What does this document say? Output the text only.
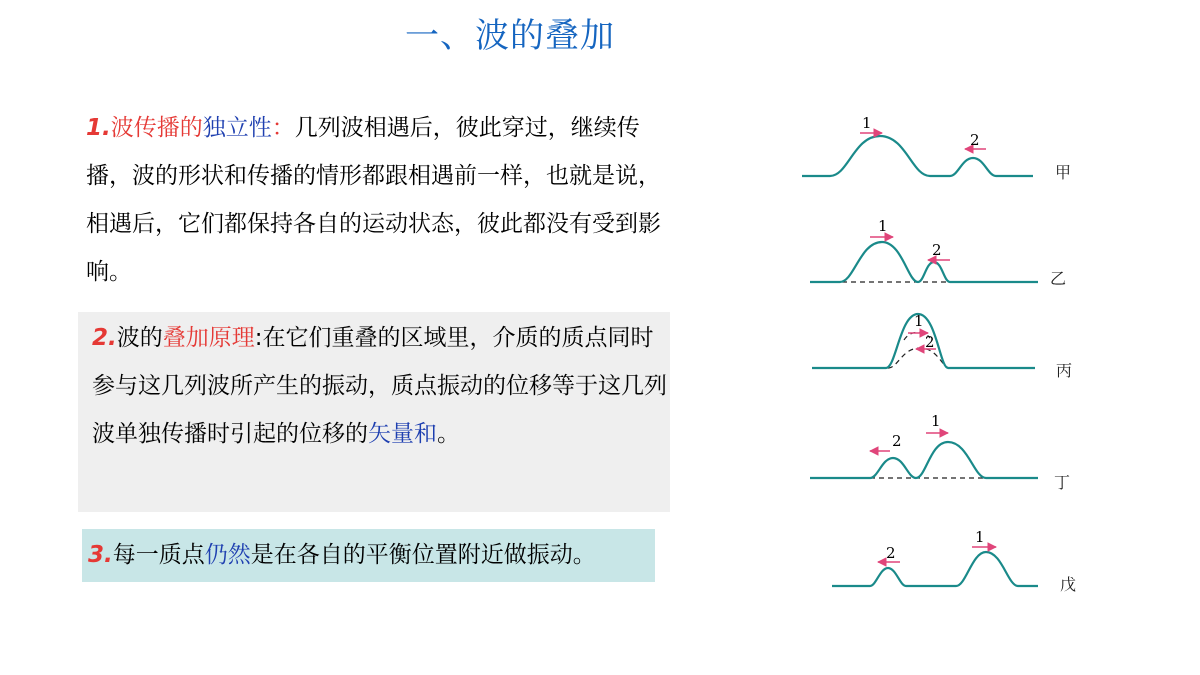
一、波的叠加
1.波传播的独立性：几列波相遇后，彼此穿过，继续传播，波的形状和传播的情形都跟相遇前一样，也就是说，相遇后，它们都保持各自的运动状态，彼此都没有受到影响。
2.波的叠加原理:在它们重叠的区域里，介质的质点同时参与这几列波所产生的振动，质点振动的位移等于这几列波单独传播时引起的位移的矢量和。
3.每一质点仍然是在各自的平衡位置附近做振动。
1
2
甲
1
2
乙
1
2
丙
2
1
丁
2
1
戊
